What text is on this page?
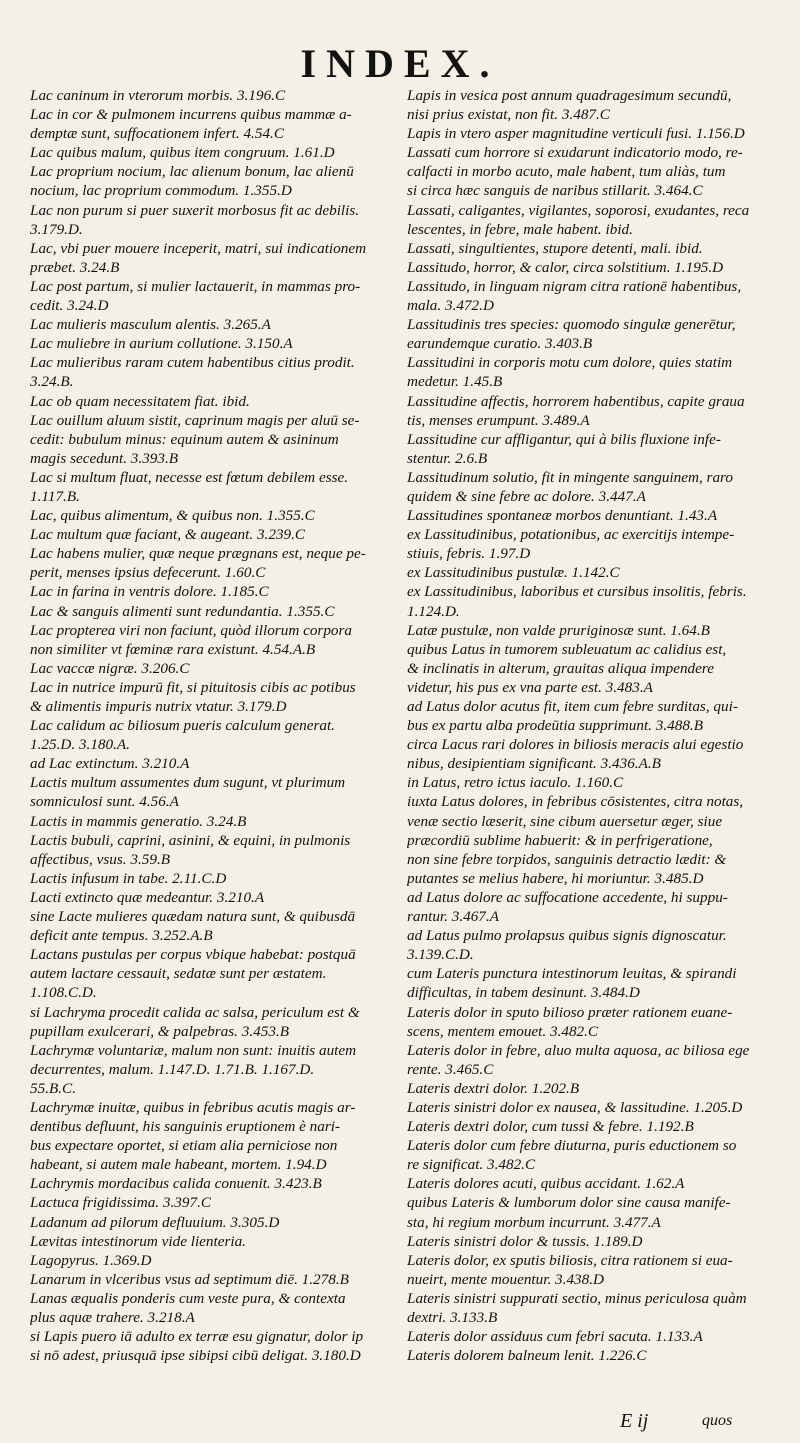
INDEX.
Lac caninum in vterorum morbis. 3.196.C
Lac in cor & pulmonem incurrens quibus mammæ a-
demptæ sunt, suffocationem infert. 4.54.C
Lac quibus malum, quibus item congruum. 1.61.D
Lac proprium nocium, lac alienum bonum, lac alienū
nocium, lac proprium commodum. 1.355.D
Lac non purum si puer suxerit morbosus fit ac debilis.
3.179.D.
Lac, vbi puer mouere inceperit, matri, sui indicationem
præbet. 3.24.B
Lac post partum, si mulier lactauerit, in mammas pro-
cedit. 3.24.D
Lac mulieris masculum alentis. 3.265.A
Lac muliebre in aurium collutione. 3.150.A
Lac mulieribus raram cutem habentibus citius prodit.
3.24.B.
Lac ob quam necessitatem fiat. ibid.
Lac ouillum aluum sistit, caprinum magis per aluū se-
cedit: bubulum minus: equinum autem & asininum
magis secedunt. 3.393.B
Lac si multum fluat, necesse est fœtum debilem esse.
1.117.B.
Lac, quibus alimentum, & quibus non. 1.355.C
Lac multum quæ faciant, & augeant. 3.239.C
Lac habens mulier, quæ neque prægnans est, neque pe-
perit, menses ipsius defecerunt. 1.60.C
Lac in farina in ventris dolore. 1.185.C
Lac & sanguis alimenti sunt redundantia. 1.355.C
Lac propterea viri non faciunt, quòd illorum corpora
non similiter vt fœminæ rara existunt. 4.54.A.B
Lac vaccæ nigræ. 3.206.C
Lac in nutrice impurū fit, si pituitosis cibis ac potibus
& alimentis impuris nutrix vtatur. 3.179.D
Lac calidum ac biliosum pueris calculum generat.
1.25.D. 3.180.A.
ad Lac extinctum. 3.210.A
Lactis multum assumentes dum sugunt, vt plurimum
somniculosi sunt. 4.56.A
Lactis in mammis generatio. 3.24.B
Lactis bubuli, caprini, asinini, & equini, in pulmonis
affectibus, vsus. 3.59.B
Lactis infusum in tabe. 2.11.C.D
Lacti extincto quæ medeantur. 3.210.A
sine Lacte mulieres quædam natura sunt, & quibusdā
deficit ante tempus. 3.252.A.B
Lactans pustulas per corpus vbique habebat: postquā
autem lactare cessauit, sedatæ sunt per æstatem.
1.108.C.D.
si Lachryma procedit calida ac salsa, periculum est &
pupillam exulcerari, & palpebras. 3.453.B
Lachrymæ voluntariæ, malum non sunt: inuitis autem
decurrentes, malum. 1.147.D. 1.71.B. 1.167.D.
55.B.C.
Lachrymæ inuitæ, quibus in febribus acutis magis ar-
dentibus defluunt, his sanguinis eruptionem è nari-
bus expectare oportet, si etiam alia perniciose non
habeant, si autem male habeant, mortem. 1.94.D
Lachrymis mordacibus calida conuenit. 3.423.B
Lactuca frigidissima. 3.397.C
Ladanum ad pilorum defluuium. 3.305.D
Lævitas intestinorum vide lienteria.
Lagopyrus. 1.369.D
Lanarum in vlceribus vsus ad septimum diē. 1.278.B
Lanas æqualis ponderis cum veste pura, & contexta
plus aquæ trahere. 3.218.A
si Lapis puero iā adulto ex terræ esu gignatur, dolor ip
si nō adest, priusquā ipse sibipsi cibū deligat. 3.180.D
Lapis in vesica post annum quadragesimum secundū,
nisi prius existat, non fit. 3.487.C
Lapis in vtero asper magnitudine verticuli fusi. 1.156.D
Lassati cum horrore si exudarunt indicatorio modo, re-
calfacti in morbo acuto, male habent, tum aliàs, tum
si circa hæc sanguis de naribus stillarit. 3.464.C
Lassati, caligantes, vigilantes, soporosi, exudantes, reca
lescentes, in febre, male habent. ibid.
Lassati, singultientes, stupore detenti, mali. ibid.
Lassitudo, horror, & calor, circa solstitium. 1.195.D
Lassitudo, in linguam nigram citra rationē habentibus,
mala. 3.472.D
Lassitudinis tres species: quomodo singulæ generētur,
earundemque curatio. 3.403.B
Lassitudini in corporis motu cum dolore, quies statim
medetur. 1.45.B
Lassitudine affectis, horrorem habentibus, capite graua
tis, menses erumpunt. 3.489.A
Lassitudine cur affligantur, qui à bilis fluxione infe-
stentur. 2.6.B
Lassitudinum solutio, fit in mingente sanguinem, raro
quidem & sine febre ac dolore. 3.447.A
Lassitudines spontaneæ morbos denuntiant. 1.43.A
ex Lassitudinibus, potationibus, ac exercitijs intempe-
stiuis, febris. 1.97.D
ex Lassitudinibus pustulæ. 1.142.C
ex Lassitudinibus, laboribus et cursibus insolitis, febris.
1.124.D.
Latæ pustulæ, non valde pruriginosæ sunt. 1.64.B
quibus Latus in tumorem subleuatum ac calidius est,
& inclinatis in alterum, grauitas aliqua impendere
videtur, his pus ex vna parte est. 3.483.A
ad Latus dolor acutus fit, item cum febre surditas, qui-
bus ex partu alba prodeūtia supprimunt. 3.488.B
circa Lacus rari dolores in biliosis meracis alui egestio
nibus, desipientiam significant. 3.436.A.B
in Latus, retro ictus iaculo. 1.160.C
iuxta Latus dolores, in febribus cōsistentes, citra notas,
venæ sectio læserit, sine cibum auersetur æger, siue
præcordiū sublime habuerit: & in perfrigeratione,
non sine febre torpidos, sanguinis detractio lædit: &
putantes se melius habere, hi moriuntur. 3.485.D
ad Latus dolore ac suffocatione accedente, hi suppu-
rantur. 3.467.A
ad Latus pulmo prolapsus quibus signis dignoscatur.
3.139.C.D.
cum Lateris punctura intestinorum leuitas, & spirandi
difficultas, in tabem desinunt. 3.484.D
Lateris dolor in sputo bilioso præter rationem euane-
scens, mentem emouet. 3.482.C
Lateris dolor in febre, aluo multa aquosa, ac biliosa ege
rente. 3.465.C
Lateris dextri dolor. 1.202.B
Lateris sinistri dolor ex nausea, & lassitudine. 1.205.D
Lateris dextri dolor, cum tussi & febre. 1.192.B
Lateris dolor cum febre diuturna, puris eductionem so
re significat. 3.482.C
Lateris dolores acuti, quibus accidant. 1.62.A
quibus Lateris & lumborum dolor sine causa manife-
sta, hi regium morbum incurrunt. 3.477.A
Lateris sinistri dolor & tussis. 1.189.D
Lateris dolor, ex sputis biliosis, citra rationem si eua-
nueirt, mente mouentur. 3.438.D
Lateris sinistri suppurati sectio, minus periculosa quàm
dextri. 3.133.B
Lateris dolor assiduus cum febri sacuta. 1.133.A
Lateris dolorem balneum lenit. 1.226.C
E ij	quos
